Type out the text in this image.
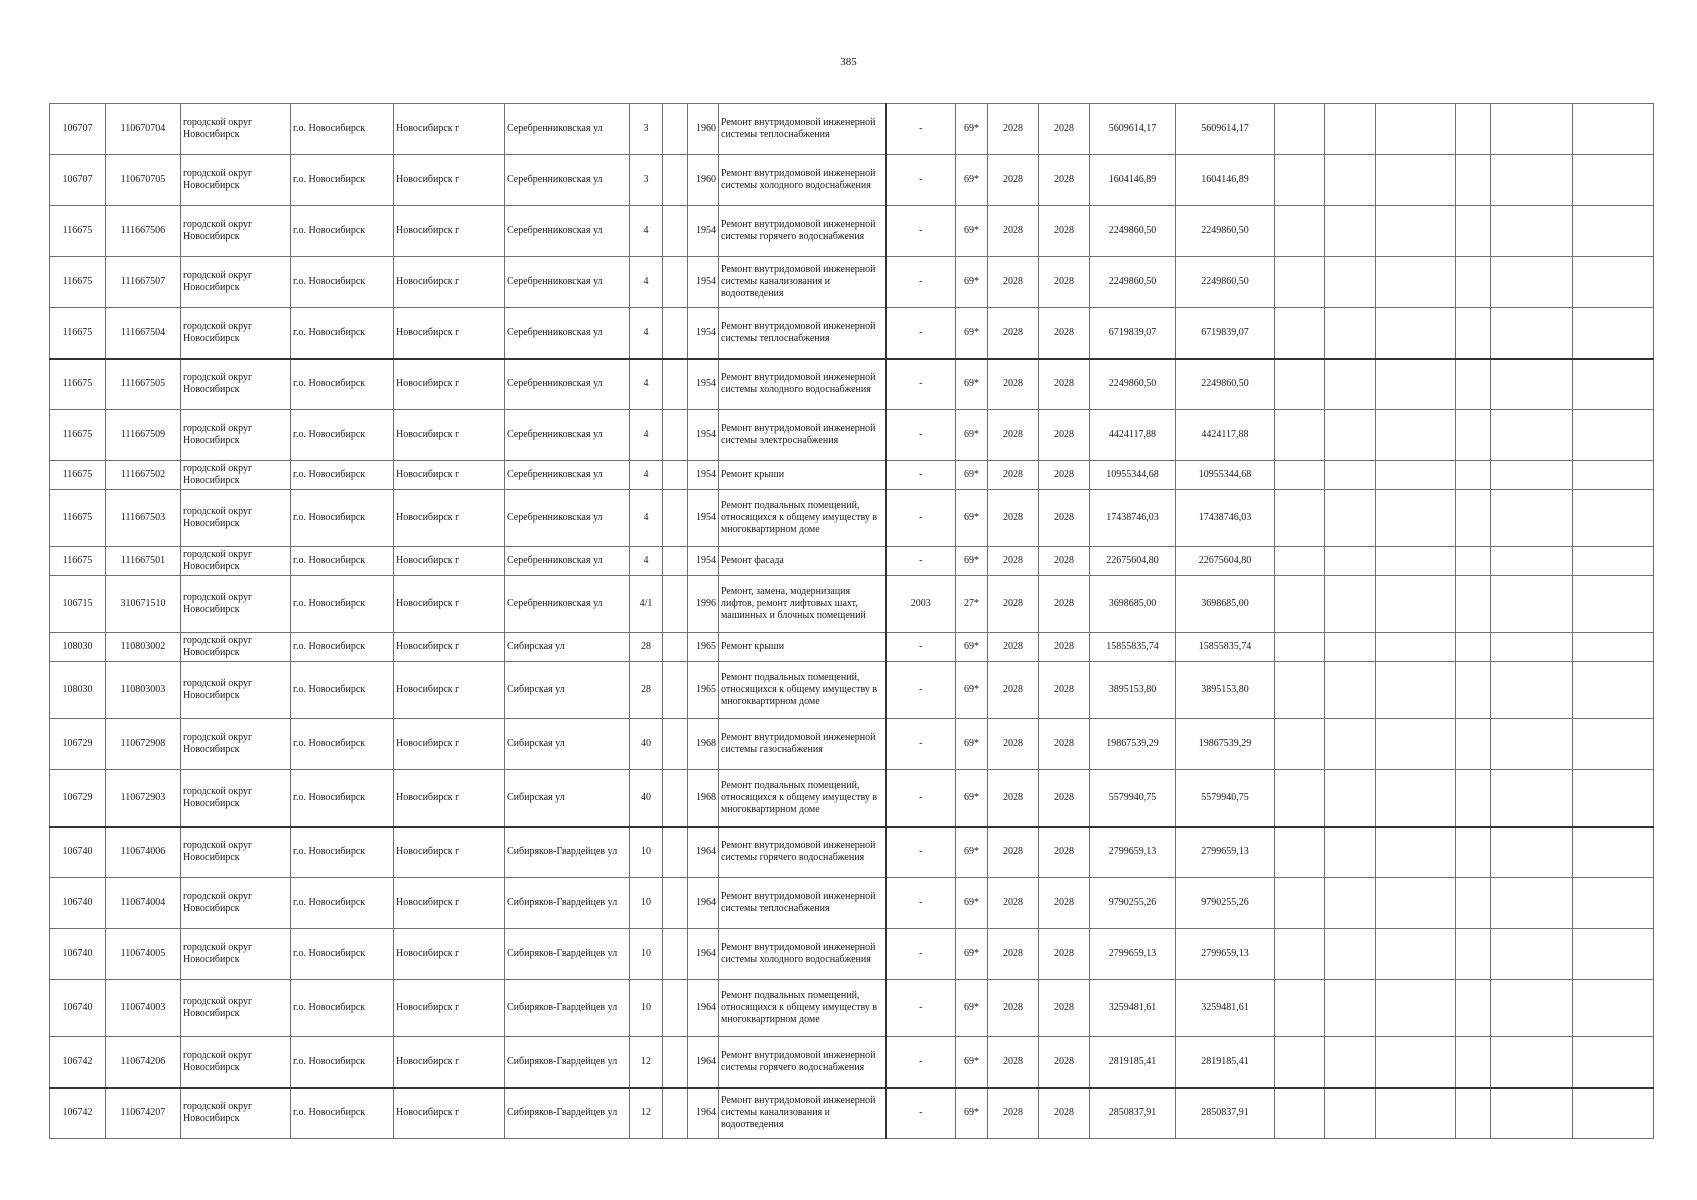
385
106707	110670704	городской округ Новосибирск	г.о. Новосибирск	Новосибирск г	Серебренниковская ул	3		1960	Ремонт внутридомовой инженерной системы теплоснабжения	-	69*	2028	2028	5609614,17	5609614,17						
106707	110670705	городской округ Новосибирск	г.о. Новосибирск	Новосибирск г	Серебренниковская ул	3		1960	Ремонт внутридомовой инженерной системы холодного водоснабжения	-	69*	2028	2028	1604146,89	1604146,89						
116675	111667506	городской округ Новосибирск	г.о. Новосибирск	Новосибирск г	Серебренниковская ул	4		1954	Ремонт внутридомовой инженерной системы горячего водоснабжения	-	69*	2028	2028	2249860,50	2249860,50						
116675	111667507	городской округ Новосибирск	г.о. Новосибирск	Новосибирск г	Серебренниковская ул	4		1954	Ремонт внутридомовой инженерной системы канализования и водоотведения	-	69*	2028	2028	2249860,50	2249860,50						
116675	111667504	городской округ Новосибирск	г.о. Новосибирск	Новосибирск г	Серебренниковская ул	4		1954	Ремонт внутридомовой инженерной системы теплоснабжения	-	69*	2028	2028	6719839,07	6719839,07						
116675	111667505	городской округ Новосибирск	г.о. Новосибирск	Новосибирск г	Серебренниковская ул	4		1954	Ремонт внутридомовой инженерной системы холодного водоснабжения	-	69*	2028	2028	2249860,50	2249860,50						
116675	111667509	городской округ Новосибирск	г.о. Новосибирск	Новосибирск г	Серебренниковская ул	4		1954	Ремонт внутридомовой инженерной системы электроснабжения	-	69*	2028	2028	4424117,88	4424117,88						
116675	111667502	городской округ Новосибирск	г.о. Новосибирск	Новосибирск г	Серебренниковская ул	4		1954	Ремонт крыши	-	69*	2028	2028	10955344,68	10955344,68						
116675	111667503	городской округ Новосибирск	г.о. Новосибирск	Новосибирск г	Серебренниковская ул	4		1954	Ремонт подвальных помещений, относящихся к общему имуществу в многоквартирном доме	-	69*	2028	2028	17438746,03	17438746,03						
116675	111667501	городской округ Новосибирск	г.о. Новосибирск	Новосибирск г	Серебренниковская ул	4		1954	Ремонт фасада	-	69*	2028	2028	22675604,80	22675604,80						
106715	310671510	городской округ Новосибирск	г.о. Новосибирск	Новосибирск г	Серебренниковская ул	4/1		1996	Ремонт, замена, модернизация лифтов, ремонт лифтовых шахт, машинных и блочных помещений	2003	27*	2028	2028	3698685,00	3698685,00						
108030	110803002	городской округ Новосибирск	г.о. Новосибирск	Новосибирск г	Сибирская ул	28		1965	Ремонт крыши	-	69*	2028	2028	15855835,74	15855835,74						
108030	110803003	городской округ Новосибирск	г.о. Новосибирск	Новосибирск г	Сибирская ул	28		1965	Ремонт подвальных помещений, относящихся к общему имуществу в многоквартирном доме	-	69*	2028	2028	3895153,80	3895153,80						
106729	110672908	городской округ Новосибирск	г.о. Новосибирск	Новосибирск г	Сибирская ул	40		1968	Ремонт внутридомовой инженерной системы газоснабжения	-	69*	2028	2028	19867539,29	19867539,29						
106729	110672903	городской округ Новосибирск	г.о. Новосибирск	Новосибирск г	Сибирская ул	40		1968	Ремонт подвальных помещений, относящихся к общему имуществу в многоквартирном доме	-	69*	2028	2028	5579940,75	5579940,75						
106740	110674006	городской округ Новосибирск	г.о. Новосибирск	Новосибирск г	Сибиряков-Гвардейцев ул	10		1964	Ремонт внутридомовой инженерной системы горячего водоснабжения	-	69*	2028	2028	2799659,13	2799659,13						
106740	110674004	городской округ Новосибирск	г.о. Новосибирск	Новосибирск г	Сибиряков-Гвардейцев ул	10		1964	Ремонт внутридомовой инженерной системы теплоснабжения	-	69*	2028	2028	9790255,26	9790255,26						
106740	110674005	городской округ Новосибирск	г.о. Новосибирск	Новосибирск г	Сибиряков-Гвардейцев ул	10		1964	Ремонт внутридомовой инженерной системы холодного водоснабжения	-	69*	2028	2028	2799659,13	2799659,13						
106740	110674003	городской округ Новосибирск	г.о. Новосибирск	Новосибирск г	Сибиряков-Гвардейцев ул	10		1964	Ремонт подвальных помещений, относящихся к общему имуществу в многоквартирном доме	-	69*	2028	2028	3259481,61	3259481,61						
106742	110674206	городской округ Новосибирск	г.о. Новосибирск	Новосибирск г	Сибиряков-Гвардейцев ул	12		1964	Ремонт внутридомовой инженерной системы горячего водоснабжения	-	69*	2028	2028	2819185,41	2819185,41						
106742	110674207	городской округ Новосибирск	г.о. Новосибирск	Новосибирск г	Сибиряков-Гвардейцев ул	12		1964	Ремонт внутридомовой инженерной системы канализования и водоотведения	-	69*	2028	2028	2850837,91	2850837,91						
